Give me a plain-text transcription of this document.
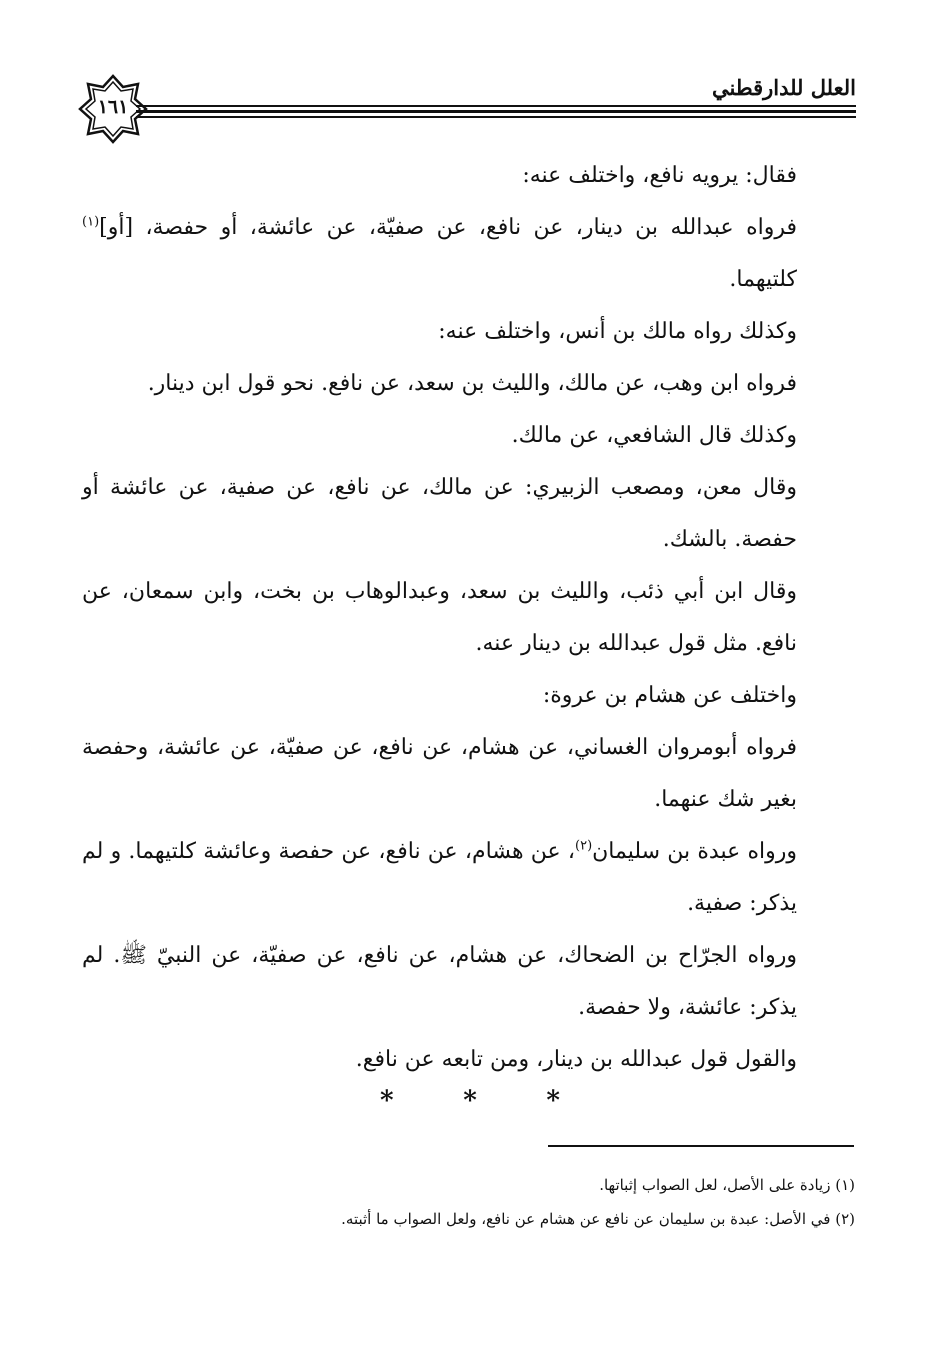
١٦١
العلل للدارقطني

فقال: يرويه نافع، واختلف عنه:

فرواه عبدالله بن دينار، عن نافع، عن صفيّة، عن عائشة، أو حفصة، [أو]$^{(١)}$ كلتيهما.

وكذلك رواه مالك بن أنس، واختلف عنه:

فرواه ابن وهب، عن مالك، والليث بن سعد، عن نافع. نحو قول ابن دينار.

وكذلك قال الشافعي، عن مالك.

وقال معن، ومصعب الزبيري: عن مالك، عن نافع، عن صفية، عن عائشة أو حفصة. بالشك.

وقال ابن أبي ذئب، والليث بن سعد، وعبدالوهاب بن بخت، وابن سمعان، عن نافع. مثل قول عبدالله بن دينار عنه.

واختلف عن هشام بن عروة:

فرواه أبومروان الغساني، عن هشام، عن نافع، عن صفيّة، عن عائشة، وحفصة بغير شك عنهما.

ورواه عبدة بن سليمان$^{(٢)}$، عن هشام، عن نافع، عن حفصة وعائشة كلتيهما. و لم يذكر: صفية.

ورواه الجرّاح بن الضحاك، عن هشام، عن نافع، عن صفيّة، عن النبيّ ﷺ. لم يذكر: عائشة، ولا حفصة.

والقول قول عبدالله بن دينار، ومن تابعه عن نافع.

*	*	*

(١) زيادة على الأصل، لعل الصواب إثباتها.

(٢) في الأصل: عبدة بن سليمان عن نافع عن هشام عن نافع، ولعل الصواب ما أثبته.
